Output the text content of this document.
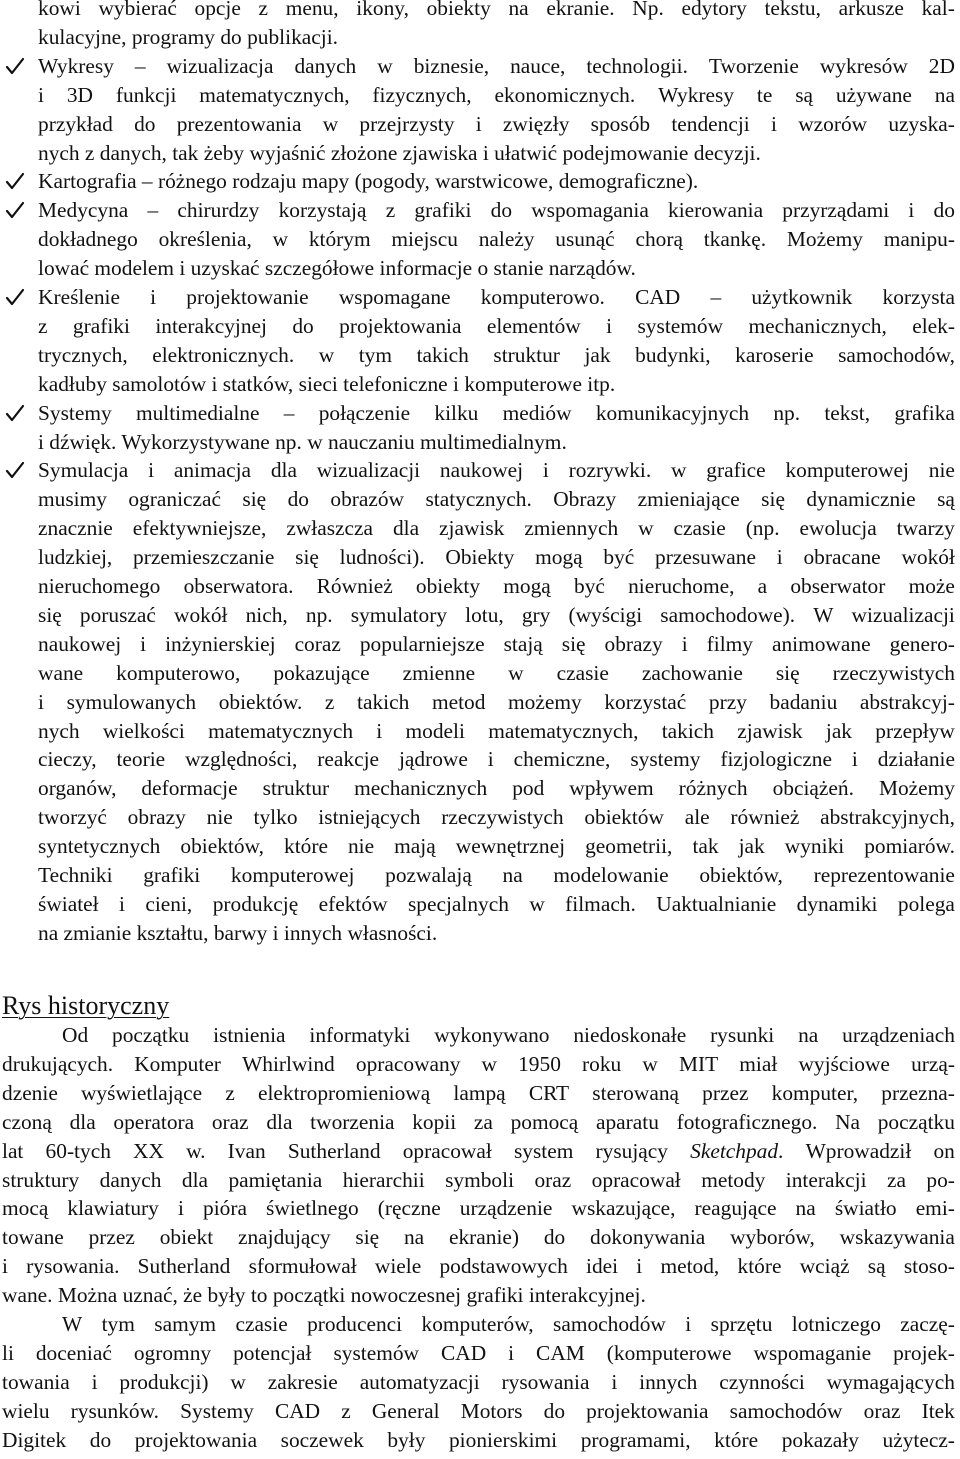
kowi wybierać opcje z menu, ikony, obiekty na ekranie. Np. edytory tekstu, arkusze kal-
kulacyjne, programy do publikacji.
Wykresy – wizualizacja danych w biznesie, nauce, technologii. Tworzenie wykresów 2D
i 3D funkcji matematycznych, fizycznych, ekonomicznych. Wykresy te są używane na
przykład do prezentowania w przejrzysty i zwięzły sposób tendencji i wzorów uzyska-
nych z danych, tak żeby wyjaśnić złożone zjawiska i ułatwić podejmowanie decyzji.
Kartografia – różnego rodzaju mapy (pogody, warstwicowe, demograficzne).
Medycyna – chirurdzy korzystają z grafiki do wspomagania kierowania przyrządami i do
dokładnego określenia, w którym miejscu należy usunąć chorą tkankę. Możemy manipu-
lować modelem i uzyskać szczegółowe informacje o stanie narządów.
Kreślenie i projektowanie wspomagane komputerowo. CAD – użytkownik korzysta
z grafiki interakcyjnej do projektowania elementów i systemów mechanicznych, elek-
trycznych, elektronicznych. w tym takich struktur jak budynki, karoserie samochodów,
kadłuby samolotów i statków, sieci telefoniczne i komputerowe itp.
Systemy multimedialne – połączenie kilku mediów komunikacyjnych np. tekst, grafika
i dźwięk. Wykorzystywane np. w nauczaniu multimedialnym.
Symulacja i animacja dla wizualizacji naukowej i rozrywki. w grafice komputerowej nie
musimy ograniczać się do obrazów statycznych. Obrazy zmieniające się dynamicznie są
znacznie efektywniejsze, zwłaszcza dla zjawisk zmiennych w czasie (np. ewolucja twarzy
ludzkiej, przemieszczanie się ludności). Obiekty mogą być przesuwane i obracane wokół
nieruchomego obserwatora. Również obiekty mogą być nieruchome, a obserwator może
się poruszać wokół nich, np. symulatory lotu, gry (wyścigi samochodowe). W wizualizacji
naukowej i inżynierskiej coraz popularniejsze stają się obrazy i filmy animowane genero-
wane komputerowo, pokazujące zmienne w czasie zachowanie się rzeczywistych
i symulowanych obiektów. z takich metod możemy korzystać przy badaniu abstrakcyj-
nych wielkości matematycznych i modeli matematycznych, takich zjawisk jak przepływ
cieczy, teorie względności, reakcje jądrowe i chemiczne, systemy fizjologiczne i działanie
organów, deformacje struktur mechanicznych pod wpływem różnych obciążeń. Możemy
tworzyć obrazy nie tylko istniejących rzeczywistych obiektów ale również abstrakcyjnych,
syntetycznych obiektów, które nie mają wewnętrznej geometrii, tak jak wyniki pomiarów.
Techniki grafiki komputerowej pozwalają na modelowanie obiektów, reprezentowanie
świateł i cieni, produkcję efektów specjalnych w filmach. Uaktualnianie dynamiki polega
na zmianie kształtu, barwy i innych własności.
Rys historyczny
Od początku istnienia informatyki wykonywano niedoskonałe rysunki na urządzeniach
drukujących. Komputer Whirlwind opracowany w 1950 roku w MIT miał wyjściowe urzą-
dzenie wyświetlające z elektropromieniową lampą CRT sterowaną przez komputer, przezna-
czoną dla operatora oraz dla tworzenia kopii za pomocą aparatu fotograficznego. Na początku
lat 60-tych XX w. Ivan Sutherland opracował system rysujący Sketchpad. Wprowadził on
struktury danych dla pamiętania hierarchii symboli oraz opracował metody interakcji za po-
mocą klawiatury i pióra świetlnego (ręczne urządzenie wskazujące, reagujące na światło emi-
towane przez obiekt znajdujący się na ekranie) do dokonywania wyborów, wskazywania
i rysowania. Sutherland sformułował wiele podstawowych idei i metod, które wciąż są stoso-
wane. Można uznać, że były to początki nowoczesnej grafiki interakcyjnej.
W tym samym czasie producenci komputerów, samochodów i sprzętu lotniczego zaczę-
li doceniać ogromny potencjał systemów CAD i CAM (komputerowe wspomaganie projek-
towania i produkcji) w zakresie automatyzacji rysowania i innych czynności wymagających
wielu rysunków. Systemy CAD z General Motors do projektowania samochodów oraz Itek
Digitek do projektowania soczewek były pionierskimi programami, które pokazały użytecz-
